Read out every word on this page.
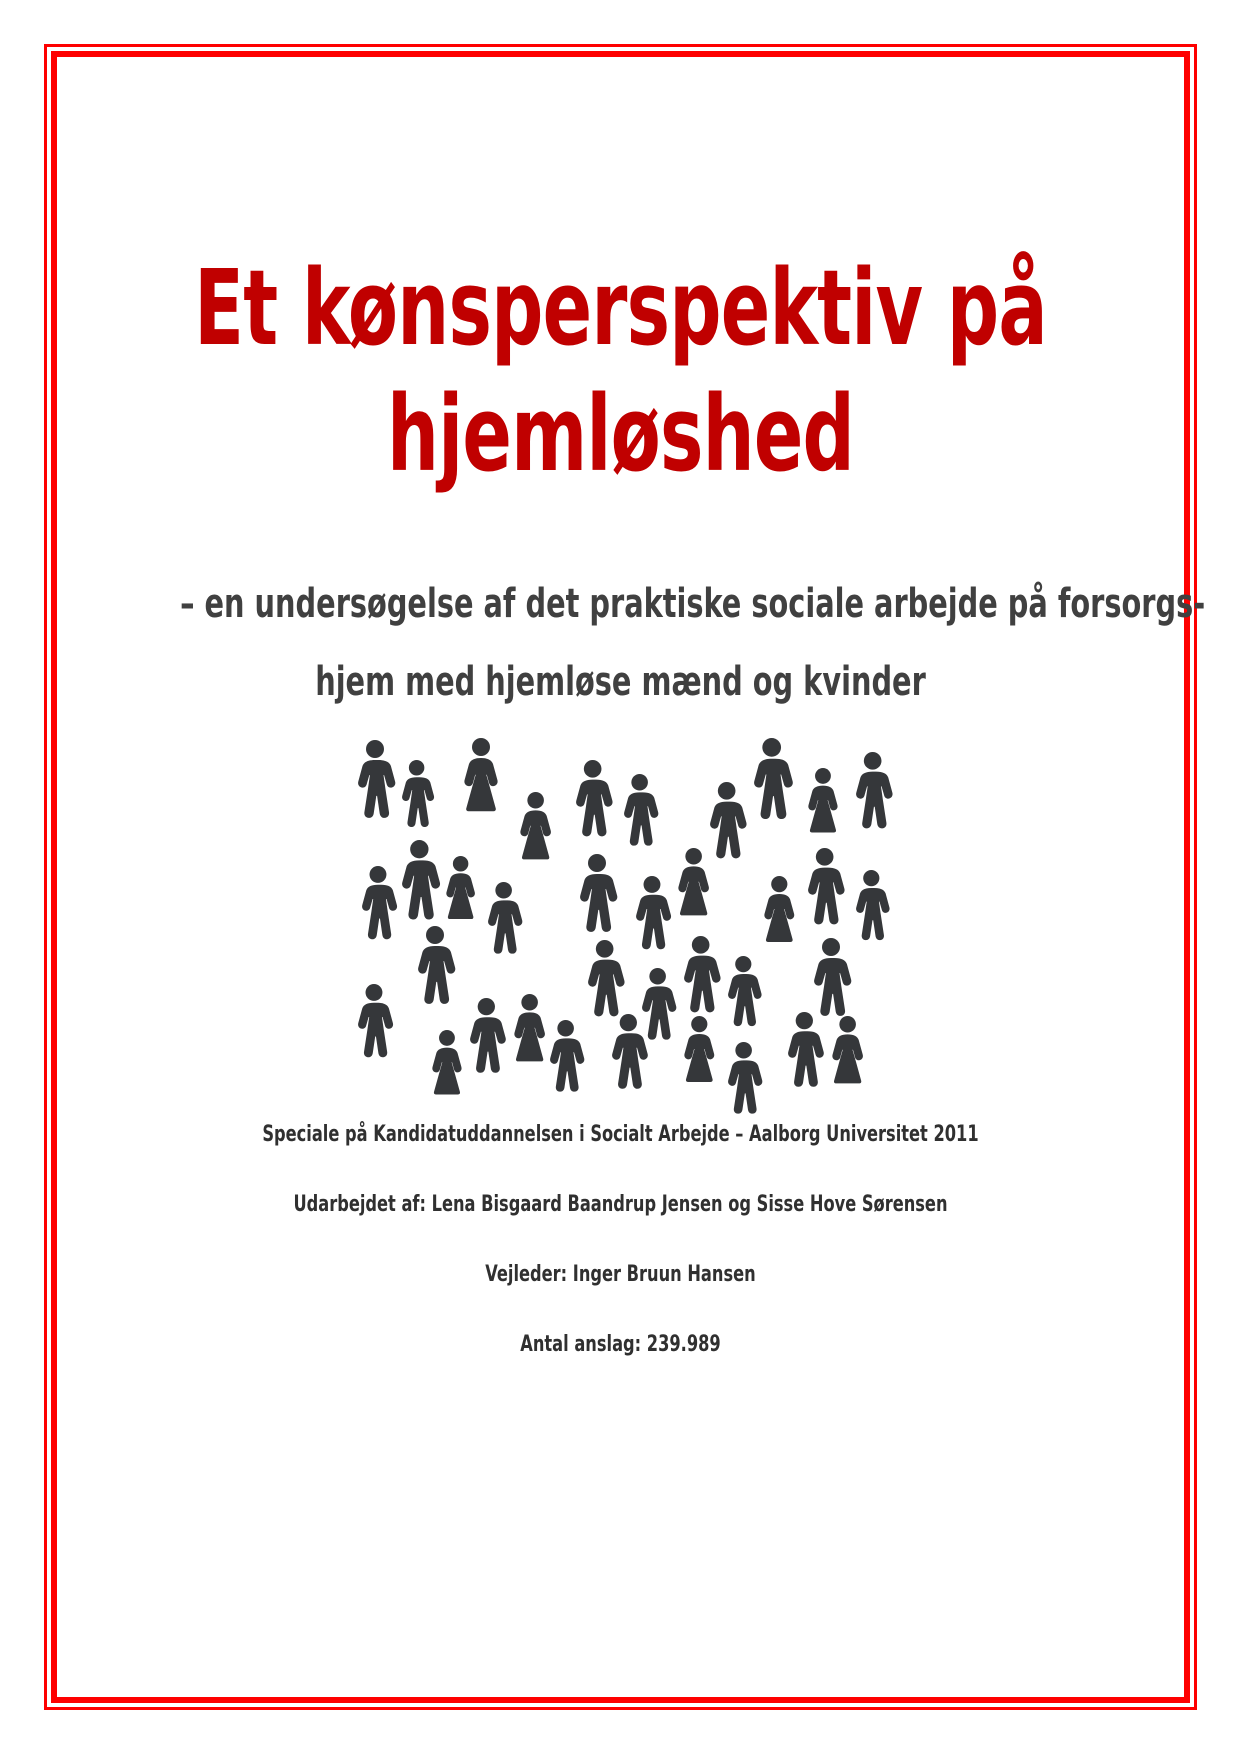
Et kønsperspektiv på
hjemløshed
– en undersøgelse af det praktiske sociale arbejde på forsorgs-
hjem med hjemløse mænd og kvinder
Speciale på Kandidatuddannelsen i Socialt Arbejde – Aalborg Universitet 2011
Udarbejdet af: Lena Bisgaard Baandrup Jensen og Sisse Hove Sørensen
Vejleder: Inger Bruun Hansen
Antal anslag: 239.989
